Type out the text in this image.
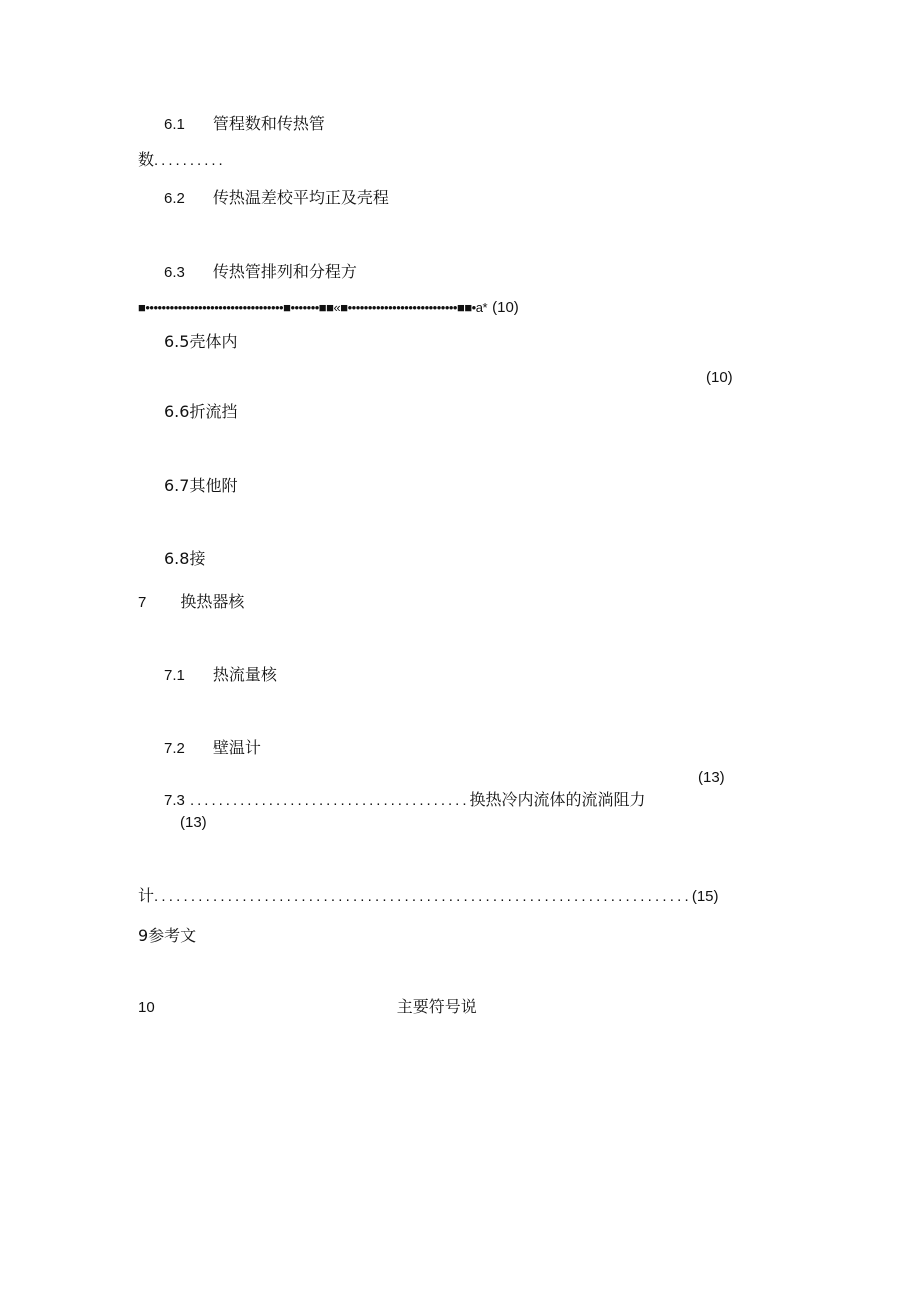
6.1 管程数和传热管
数..........
6.2 传热温差校平均正及壳程
6.3 传热管排列和分程方
■••••••••••••••••••••••••••••••••••■•••••••■■«■•••••••••••••••••••••••••••■■•a* (10)
6.5壳体内
(10)
6.6折流挡
6.7其他附
6.8接
7 换热器核
7.1 热流量核
7.2 壁温计
(13)
7.3 .......................................换热冷内流体的流淌阻力
(13)
计.........................................................................(15)
9参考文
10	主要符号说
